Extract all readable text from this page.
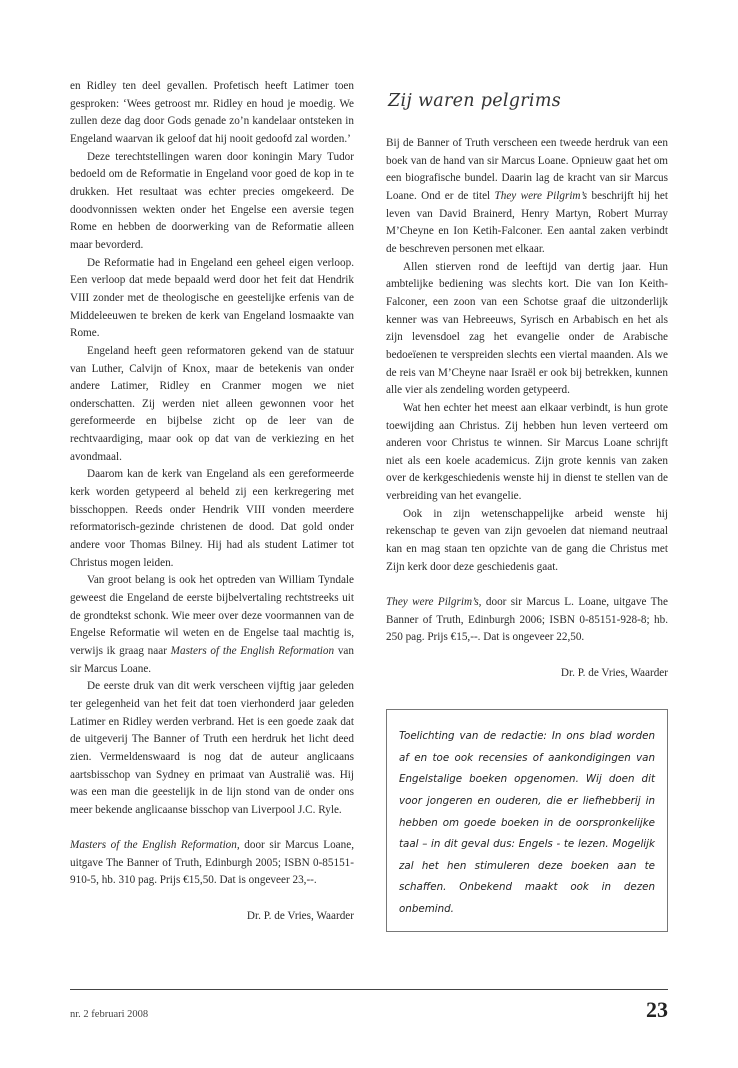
en Ridley ten deel gevallen. Profetisch heeft Latimer toen gesproken: ‘Wees getroost mr. Ridley en houd je moedig. We zullen deze dag door Gods genade zo’n kandelaar ontsteken in Engeland waarvan ik geloof dat hij nooit gedoofd zal worden.’

Deze terechtstellingen waren door koningin Mary Tudor bedoeld om de Reformatie in Engeland voor goed de kop in te drukken. Het resultaat was echter precies omgekeerd. De doodvonnissen wekten onder het Engelse een aversie tegen Rome en hebben de doorwerking van de Reformatie alleen maar bevorderd.

De Reformatie had in Engeland een geheel eigen verloop. Een verloop dat mede bepaald werd door het feit dat Hendrik VIII zonder met de theologische en geestelijke erfenis van de Middeleeuwen te breken de kerk van Engeland losmaakte van Rome.

Engeland heeft geen reformatoren gekend van de statuur van Luther, Calvijn of Knox, maar de betekenis van onder andere Latimer, Ridley en Cranmer mogen we niet onderschatten. Zij werden niet alleen gewonnen voor het gereformeerde en bijbelse zicht op de leer van de rechtvaardiging, maar ook op dat van de verkiezing en het avondmaal.

Daarom kan de kerk van Engeland als een gereformeerde kerk worden getypeerd al beheld zij een kerkregering met bisschoppen. Reeds onder Hendrik VIII vonden meerdere reformatorisch-gezinde christenen de dood. Dat gold onder andere voor Thomas Bilney. Hij had als student Latimer tot Christus mogen leiden.

Van groot belang is ook het optreden van William Tyndale geweest die Engeland de eerste bijbelvertaling rechtstreeks uit de grondtekst schonk. Wie meer over deze voormannen van de Engelse Reformatie wil weten en de Engelse taal machtig is, verwijs ik graag naar Masters of the English Reformation van sir Marcus Loane.

De eerste druk van dit werk verscheen vijftig jaar geleden ter gelegenheid van het feit dat toen vierhonderd jaar geleden Latimer en Ridley werden verbrand. Het is een goede zaak dat de uitgeverij The Banner of Truth een herdruk het licht deed zien. Vermeldenswaard is nog dat de auteur anglicaans aartsbisschop van Sydney en primaat van Australië was. Hij was een man die geestelijk in de lijn stond van de onder ons meer bekende anglicaanse bisschop van Liverpool J.C. Ryle.

Masters of the English Reformation, door sir Marcus Loane, uitgave The Banner of Truth, Edinburgh 2005; ISBN 0-85151-910-5, hb. 310 pag. Prijs €15,50. Dat is ongeveer 23,--.

Dr. P. de Vries, Waarder

Zij waren pelgrims

Bij de Banner of Truth verscheen een tweede herdruk van een boek van de hand van sir Marcus Loane. Opnieuw gaat het om een biografische bundel. Daarin lag de kracht van sir Marcus Loane. Ond er de titel They were Pilgrim’s beschrijft hij het leven van David Brainerd, Henry Martyn, Robert Murray M’Cheyne en Ion Ketih-Falconer. Een aantal zaken verbindt de beschreven personen met elkaar.

Allen stierven rond de leeftijd van dertig jaar. Hun ambtelijke bediening was slechts kort. Die van Ion Keith-Falconer, een zoon van een Schotse graaf die uitzonderlijk kenner was van Hebreeuws, Syrisch en Arbabisch en het als zijn levensdoel zag het evangelie onder de Arabische bedoeïenen te verspreiden slechts een viertal maanden. Als we de reis van M’Cheyne naar Israël er ook bij betrekken, kunnen alle vier als zendeling worden getypeerd.

Wat hen echter het meest aan elkaar verbindt, is hun grote toewijding aan Christus. Zij hebben hun leven verteerd om anderen voor Christus te winnen. Sir Marcus Loane schrijft niet als een koele academicus. Zijn grote kennis van zaken over de kerkgeschiedenis wenste hij in dienst te stellen van de verbreiding van het evangelie.

Ook in zijn wetenschappelijke arbeid wenste hij rekenschap te geven van zijn gevoelen dat niemand neutraal kan en mag staan ten opzichte van de gang die Christus met Zijn kerk door deze geschiedenis gaat.

They were Pilgrim’s, door sir Marcus L. Loane, uitgave The Banner of Truth, Edinburgh 2006; ISBN 0-85151-928-8; hb. 250 pag. Prijs €15,--. Dat is ongeveer 22,50.

Dr. P. de Vries, Waarder

Toelichting van de redactie: In ons blad worden af en toe ook recensies of aankondigingen van Engelstalige boeken opgenomen. Wij doen dit voor jongeren en ouderen, die er liefhebberij in hebben om goede boeken in de oorspronkelijke taal – in dit geval dus: Engels - te lezen. Mogelijk zal het hen stimuleren deze boeken aan te schaffen. Onbekend maakt ook in dezen onbemind.
nr. 2 februari 2008	23
